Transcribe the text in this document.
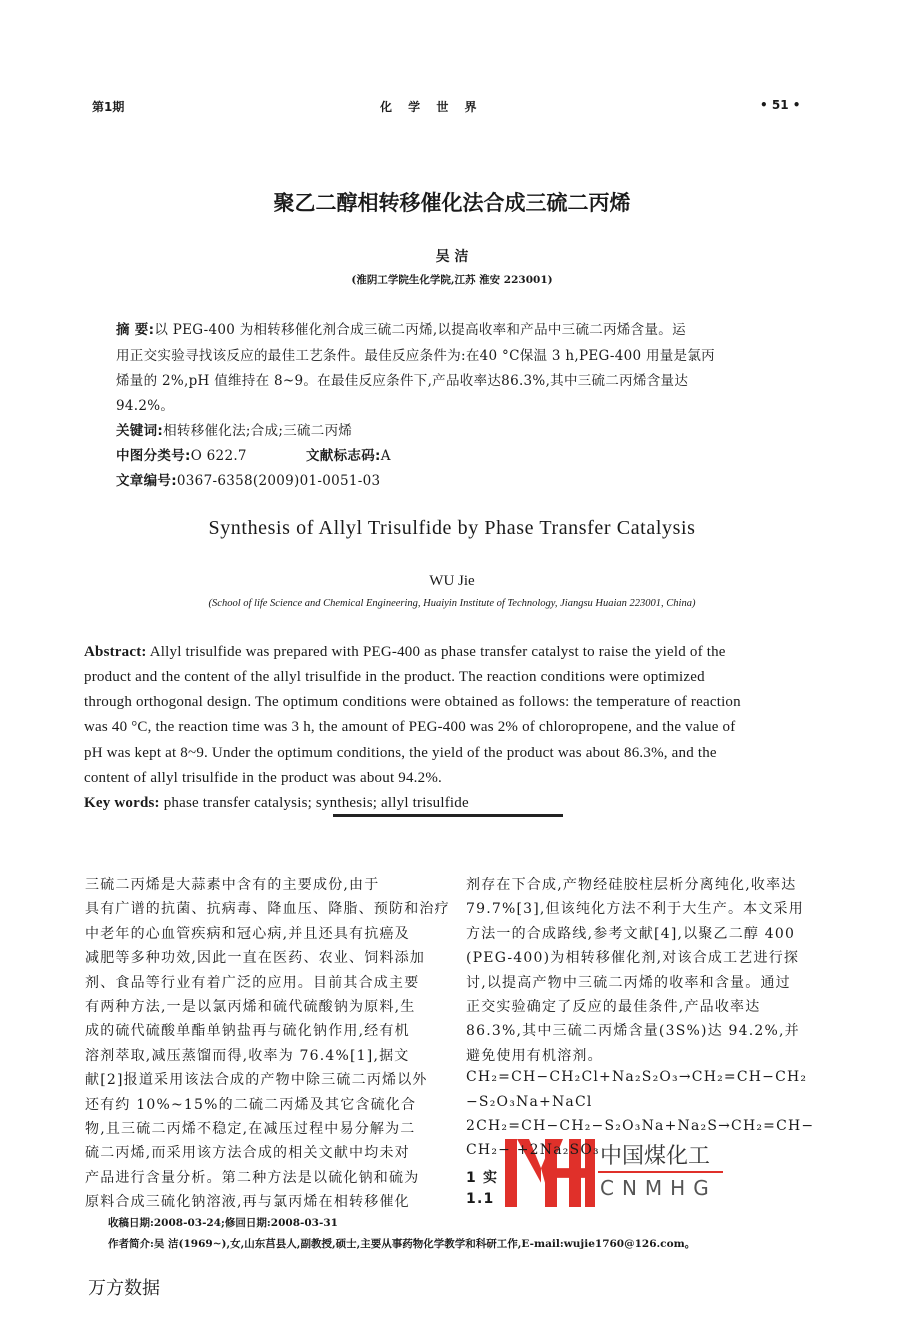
第1期	化 学 世 界	• 51 •
聚乙二醇相转移催化法合成三硫二丙烯
吴 洁
(淮阴工学院生化学院,江苏 淮安 223001)
摘 要:以 PEG-400 为相转移催化剂合成三硫二丙烯,以提高收率和产品中三硫二丙烯含量。运
用正交实验寻找该反应的最佳工艺条件。最佳反应条件为:在40 °C保温 3 h,PEG-400 用量是氯丙
烯量的 2%,pH 值维持在 8~9。在最佳反应条件下,产品收率达86.3%,其中三硫二丙烯含量达
94.2%。
关键词:相转移催化法;合成;三硫二丙烯
中图分类号:O 622.7	文献标志码:A
文章编号:0367-6358(2009)01-0051-03
Synthesis of Allyl Trisulfide by Phase Transfer Catalysis
WU Jie
(School of life Science and Chemical Engineering, Huaiyin Institute of Technology, Jiangsu Huaian 223001, China)
Abstract: Allyl trisulfide was prepared with PEG-400 as phase transfer catalyst to raise the yield of the
product and the content of the allyl trisulfide in the product. The reaction conditions were optimized
through orthogonal design. The optimum conditions were obtained as follows: the temperature of reaction
was 40 °C, the reaction time was 3 h, the amount of PEG-400 was 2% of chloropropene, and the value of
pH was kept at 8~9. Under the optimum conditions, the yield of the product was about 86.3%, and the
content of allyl trisulfide in the product was about 94.2%.
Key words: phase transfer catalysis; synthesis; allyl trisulfide
三硫二丙烯是大蒜素中含有的主要成份,由于
具有广谱的抗菌、抗病毒、降血压、降脂、预防和治疗
中老年的心血管疾病和冠心病,并且还具有抗癌及
减肥等多种功效,因此一直在医药、农业、饲料添加
剂、食品等行业有着广泛的应用。目前其合成主要
有两种方法,一是以氯丙烯和硫代硫酸钠为原料,生
成的硫代硫酸单酯单钠盐再与硫化钠作用,经有机
溶剂萃取,减压蒸馏而得,收率为 76.4%[1],据文
献[2]报道采用该法合成的产物中除三硫二丙烯以外
还有约 10%~15%的二硫二丙烯及其它含硫化合
物,且三硫二丙烯不稳定,在减压过程中易分解为二
硫二丙烯,而采用该方法合成的相关文献中均未对
产品进行含量分析。第二种方法是以硫化钠和硫为
原料合成三硫化钠溶液,再与氯丙烯在相转移催化
剂存在下合成,产物经硅胶柱层析分离纯化,收率达
79.7%[3],但该纯化方法不利于大生产。本文采用
方法一的合成路线,参考文献[4],以聚乙二醇 400
(PEG-400)为相转移催化剂,对该合成工艺进行探
讨,以提高产物中三硫二丙烯的收率和含量。通过
正交实验确定了反应的最佳条件,产品收率达
86.3%,其中三硫二丙烯含量(3S%)达 94.2%,并
避免使用有机溶剂。
CH₂=CH−CH₂Cl+Na₂S₂O₃→CH₂=CH−CH₂
−S₂O₃Na+NaCl
2CH₂=CH−CH₂−S₂O₃Na+Na₂S→CH₂=CH−
CH₂− +2Na₂SO₃
1 实
1.1
中国煤化工
CNMHG
收稿日期:2008-03-24;修回日期:2008-03-31
作者简介:吴 洁(1969~),女,山东莒县人,副教授,硕士,主要从事药物化学教学和科研工作,E-mail:wujie1760@126.com。
万方数据
